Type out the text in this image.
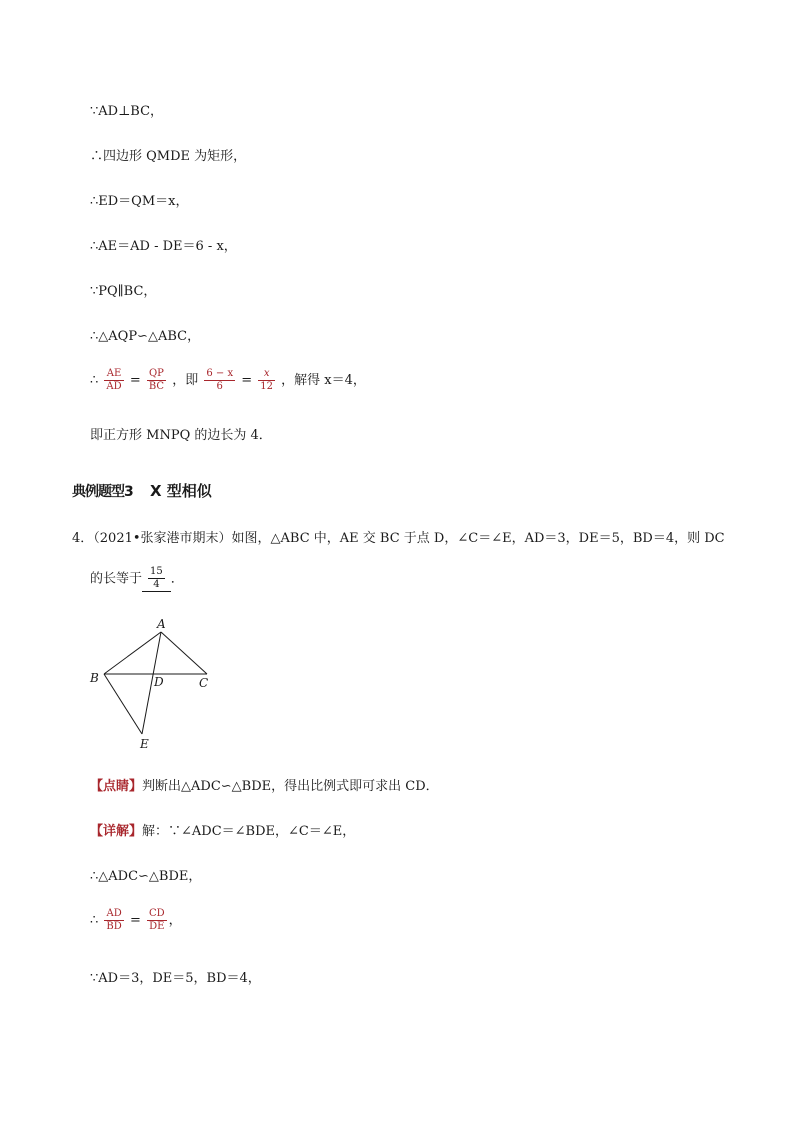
∵AD⊥BC，
∴四边形 QMDE 为矩形，
∴ED＝QM＝x，
∴AE＝AD - DE＝6 - x，
∵PQ∥BC，
∴△AQP∽△ABC，
∴ $\frac{AE}{AD} = \frac{QP}{BC}$ ，即 $\frac{6 - x}{6} = \frac{x}{12}$ ，解得 x＝4，
即正方形 MNPQ 的边长为 4．
典例题型3 X 型相似
4．（2021•张家港市期末）如图，△ABC 中，AE 交 BC 于点 D，∠C＝∠E，AD＝3，DE＝5，BD＝4，则 DC
的长等于 $\frac{15}{4}$ ．
A
B	C
D
E
【点睛】判断出△ADC∽△BDE，得出比例式即可求出 CD．
【详解】解：∵∠ADC＝∠BDE，∠C＝∠E，
∴△ADC∽△BDE，
∴ $\frac{AD}{BD} = \frac{CD}{DE}$ ，
∵AD＝3，DE＝5，BD＝4，
